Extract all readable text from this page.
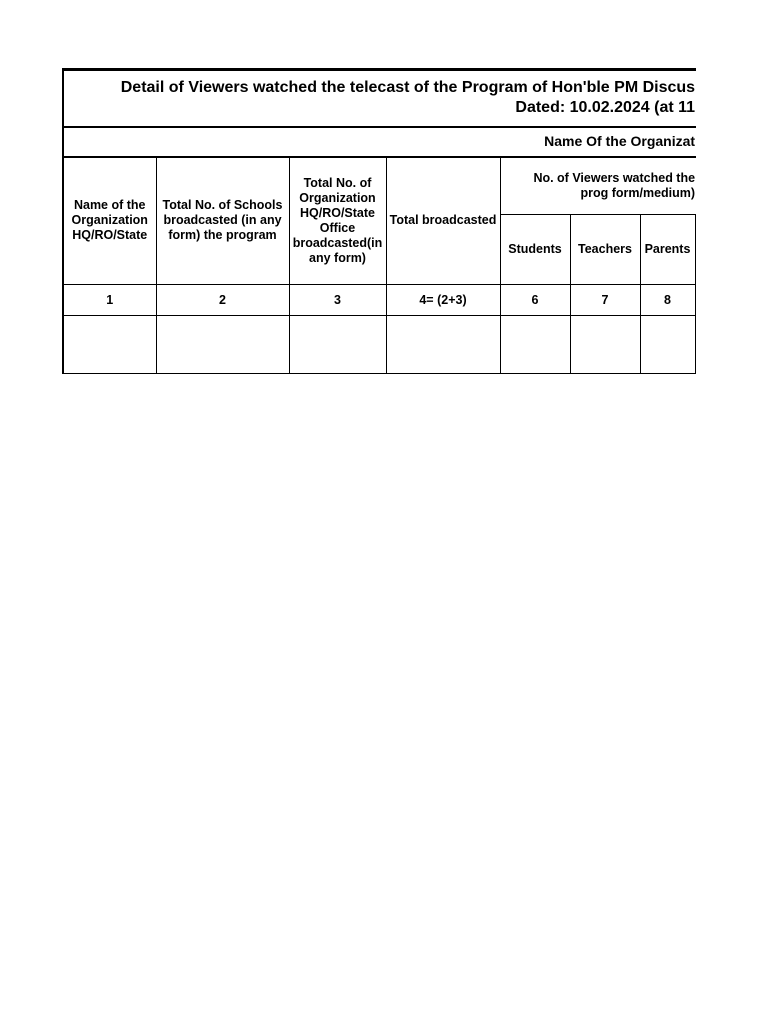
Detail of Viewers watched the telecast of the Program of Hon'ble PM Discus
Dated: 10.02.2024 (at 11							

Name Of the Organizat							
Name of the Organization HQ/RO/State	Total No. of Schools broadcasted (in any form) the program	Total No. of Organization HQ/RO/State Office broadcasted(in any form)	Total broadcasted	No. of Viewers watched the prog form/medium)			
				Students	Teachers	Parents	
1	2	3	4= (2+3)	6	7	8	
